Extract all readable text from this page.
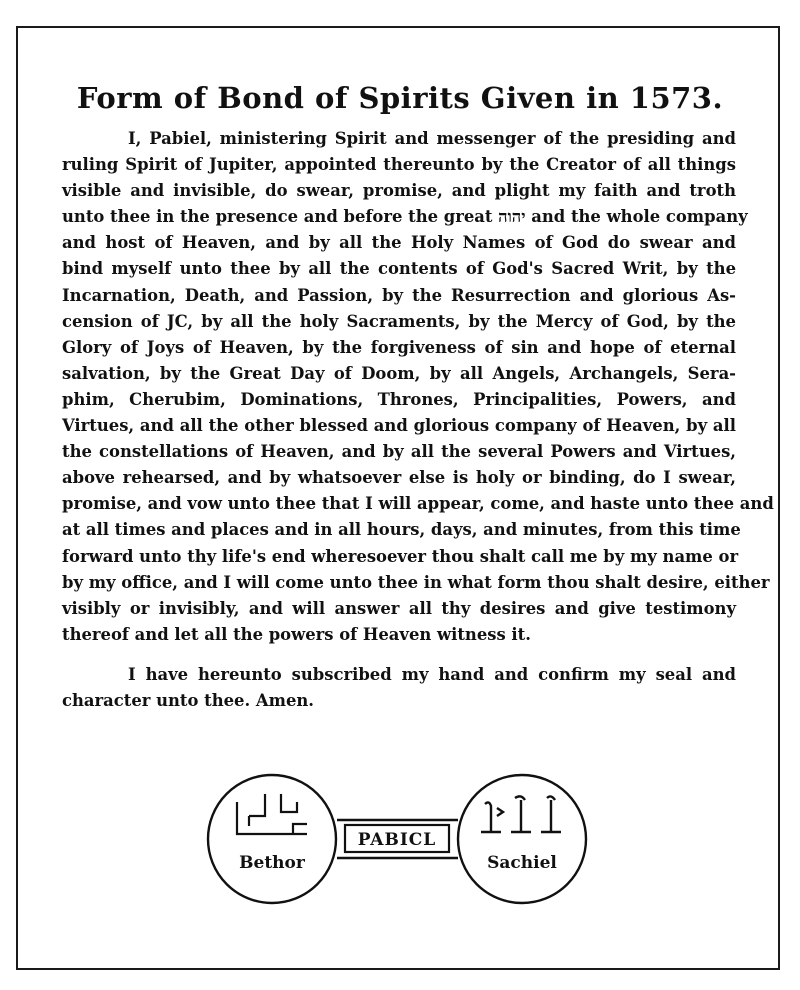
Form of Bond of Spirits Given in 1573.

I, Pabiel, ministering Spirit and messenger of the presiding and
ruling Spirit of Jupiter, appointed thereunto by the Creator of all things
visible and invisible, do swear, promise, and plight my faith and troth
unto thee in the presence and before the great יהוה and the whole company
and host of Heaven, and by all the Holy Names of God do swear and
bind myself unto thee by all the contents of God's Sacred Writ, by the
Incarnation, Death, and Passion, by the Resurrection and glorious As-
cension of JC, by all the holy Sacraments, by the Mercy of God, by the
Glory of Joys of Heaven, by the forgiveness of sin and hope of eternal
salvation, by the Great Day of Doom, by all Angels, Archangels, Sera-
phim, Cherubim, Dominations, Thrones, Principalities, Powers, and
Virtues, and all the other blessed and glorious company of Heaven, by all
the constellations of Heaven, and by all the several Powers and Virtues,
above rehearsed, and by whatsoever else is holy or binding, do I swear,
promise, and vow unto thee that I will appear, come, and haste unto thee and
at all times and places and in all hours, days, and minutes, from this time
forward unto thy life's end wheresoever thou shalt call me by my name or
by my office, and I will come unto thee in what form thou shalt desire, either
visibly or invisibly, and will answer all thy desires and give testimony
thereof and let all the powers of Heaven witness it.

I have hereunto subscribed my hand and confirm my seal and
character unto thee. Amen.

PABICL
Bethor	Sachiel
